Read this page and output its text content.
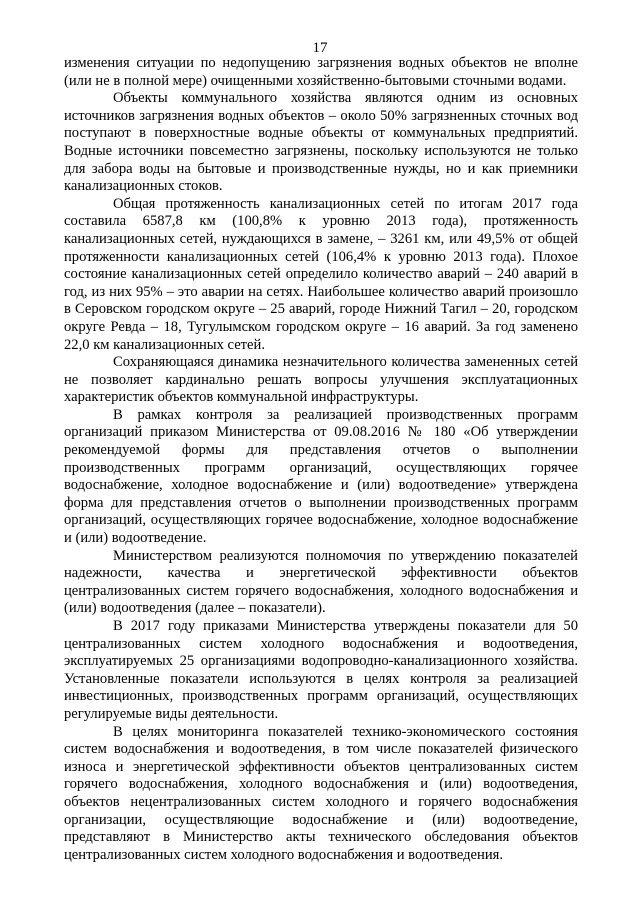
17

изменения ситуации по недопущению загрязнения водных объектов не вполне (или не в полной мере) очищенными хозяйственно-бытовыми сточными водами.

Объекты коммунального хозяйства являются одним из основных источников загрязнения водных объектов – около 50% загрязненных сточных вод поступают в поверхностные водные объекты от коммунальных предприятий. Водные источники повсеместно загрязнены, поскольку используются не только для забора воды на бытовые и производственные нужды, но и как приемники канализационных стоков.

Общая протяженность канализационных сетей по итогам 2017 года составила 6587,8 км (100,8% к уровню 2013 года), протяженность канализационных сетей, нуждающихся в замене, – 3261 км, или 49,5% от общей протяженности канализационных сетей (106,4% к уровню 2013 года). Плохое состояние канализационных сетей определило количество аварий – 240 аварий в год, из них 95% – это аварии на сетях. Наибольшее количество аварий произошло в Серовском городском округе – 25 аварий, городе Нижний Тагил – 20, городском округе Ревда – 18, Тугулымском городском округе – 16 аварий. За год заменено 22,0 км канализационных сетей.

Сохраняющаяся динамика незначительного количества замененных сетей не позволяет кардинально решать вопросы улучшения эксплуатационных характеристик объектов коммунальной инфраструктуры.

В рамках контроля за реализацией производственных программ организаций приказом Министерства от 09.08.2016 № 180 «Об утверждении рекомендуемой формы для представления отчетов о выполнении производственных программ организаций, осуществляющих горячее водоснабжение, холодное водоснабжение и (или) водоотведение» утверждена форма для представления отчетов о выполнении производственных программ организаций, осуществляющих горячее водоснабжение, холодное водоснабжение и (или) водоотведение.

Министерством реализуются полномочия по утверждению показателей надежности, качества и энергетической эффективности объектов централизованных систем горячего водоснабжения, холодного водоснабжения и (или) водоотведения (далее – показатели).

В 2017 году приказами Министерства утверждены показатели для 50 централизованных систем холодного водоснабжения и водоотведения, эксплуатируемых 25 организациями водопроводно-канализационного хозяйства. Установленные показатели используются в целях контроля за реализацией инвестиционных, производственных программ организаций, осуществляющих регулируемые виды деятельности.

В целях мониторинга показателей технико-экономического состояния систем водоснабжения и водоотведения, в том числе показателей физического износа и энергетической эффективности объектов централизованных систем горячего водоснабжения, холодного водоснабжения и (или) водоотведения, объектов нецентрализованных систем холодного и горячего водоснабжения организации, осуществляющие водоснабжение и (или) водоотведение, представляют в Министерство акты технического обследования объектов централизованных систем холодного водоснабжения и водоотведения.
